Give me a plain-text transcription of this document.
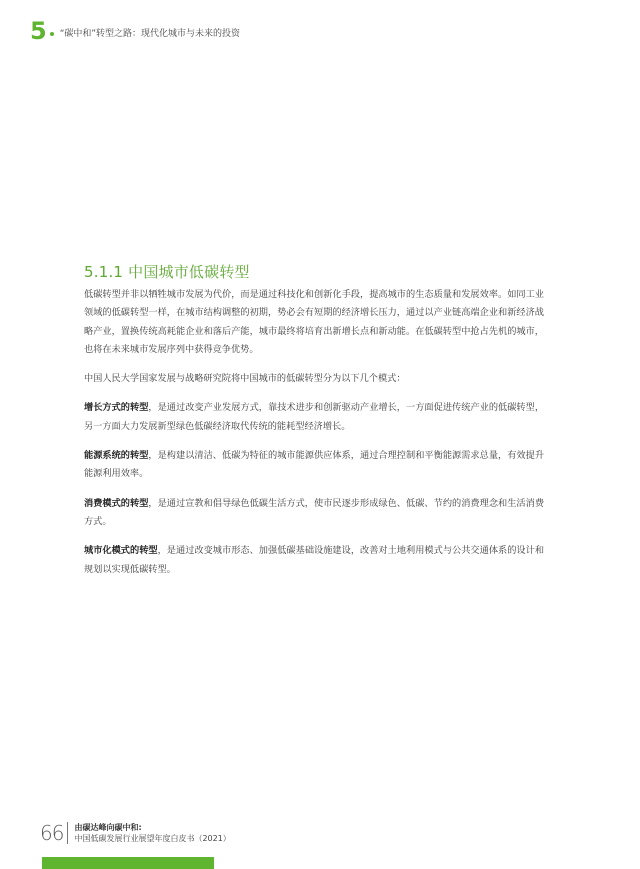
5 “碳中和”转型之路：现代化城市与未来的投资
5.1.1 中国城市低碳转型

低碳转型并非以牺牲城市发展为代价，而是通过科技化和创新化手段，提高城市的生态质量和发展效率。如同工业领域的低碳转型一样，在城市结构调整的初期，势必会有短期的经济增长压力，通过以产业链高端企业和新经济战略产业，置换传统高耗能企业和落后产能，城市最终将培育出新增长点和新动能。在低碳转型中抢占先机的城市，也将在未来城市发展序列中获得竞争优势。

中国人民大学国家发展与战略研究院将中国城市的低碳转型分为以下几个模式：

增长方式的转型，是通过改变产业发展方式，靠技术进步和创新驱动产业增长，一方面促进传统产业的低碳转型，另一方面大力发展新型绿色低碳经济取代传统的能耗型经济增长。

能源系统的转型，是构建以清洁、低碳为特征的城市能源供应体系，通过合理控制和平衡能源需求总量，有效提升能源利用效率。

消费模式的转型，是通过宣教和倡导绿色低碳生活方式，使市民逐步形成绿色、低碳、节约的消费理念和生活消费方式。

城市化模式的转型，是通过改变城市形态、加强低碳基础设施建设，改善对土地利用模式与公共交通体系的设计和规划以实现低碳转型。

66 由碳达峰向碳中和:
中国低碳发展行业展望年度白皮书（2021）
